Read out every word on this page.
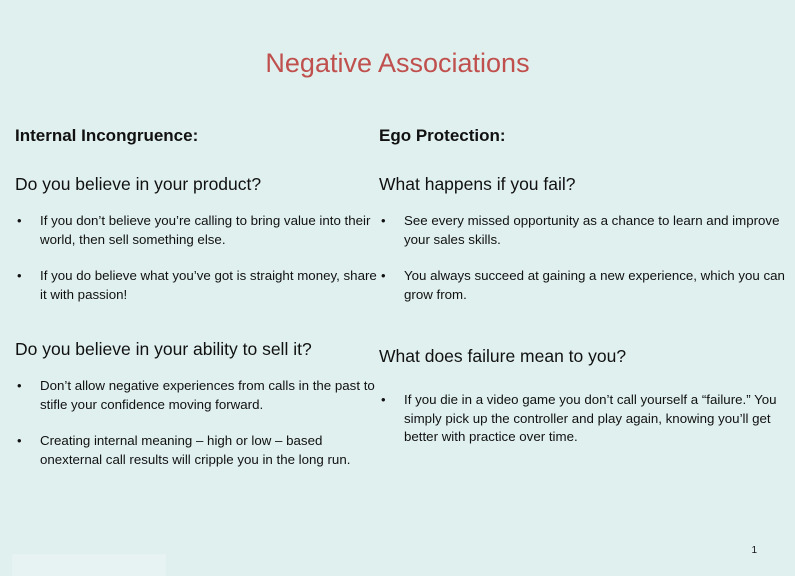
Negative Associations

Internal Incongruence:

Do you believe in your product?

• If you don’t believe you’re calling to bring value into their world, then sell something else.
• If you do believe what you’ve got is straight money, share it with passion!

Do you believe in your ability to sell it?

• Don’t allow negative experiences from calls in the past to stifle your confidence moving forward.
• Creating internal meaning – high or low – based onexternal call results will cripple you in the long run.

Ego Protection:

What happens if you fail?

• See every missed opportunity as a chance to learn and improve your sales skills.
• You always succeed at gaining a new experience, which you can grow from.

What does failure mean to you?

• If you die in a video game you don’t call yourself a “failure.” You simply pick up the controller and play again, knowing you’ll get better with practice over time.
1
